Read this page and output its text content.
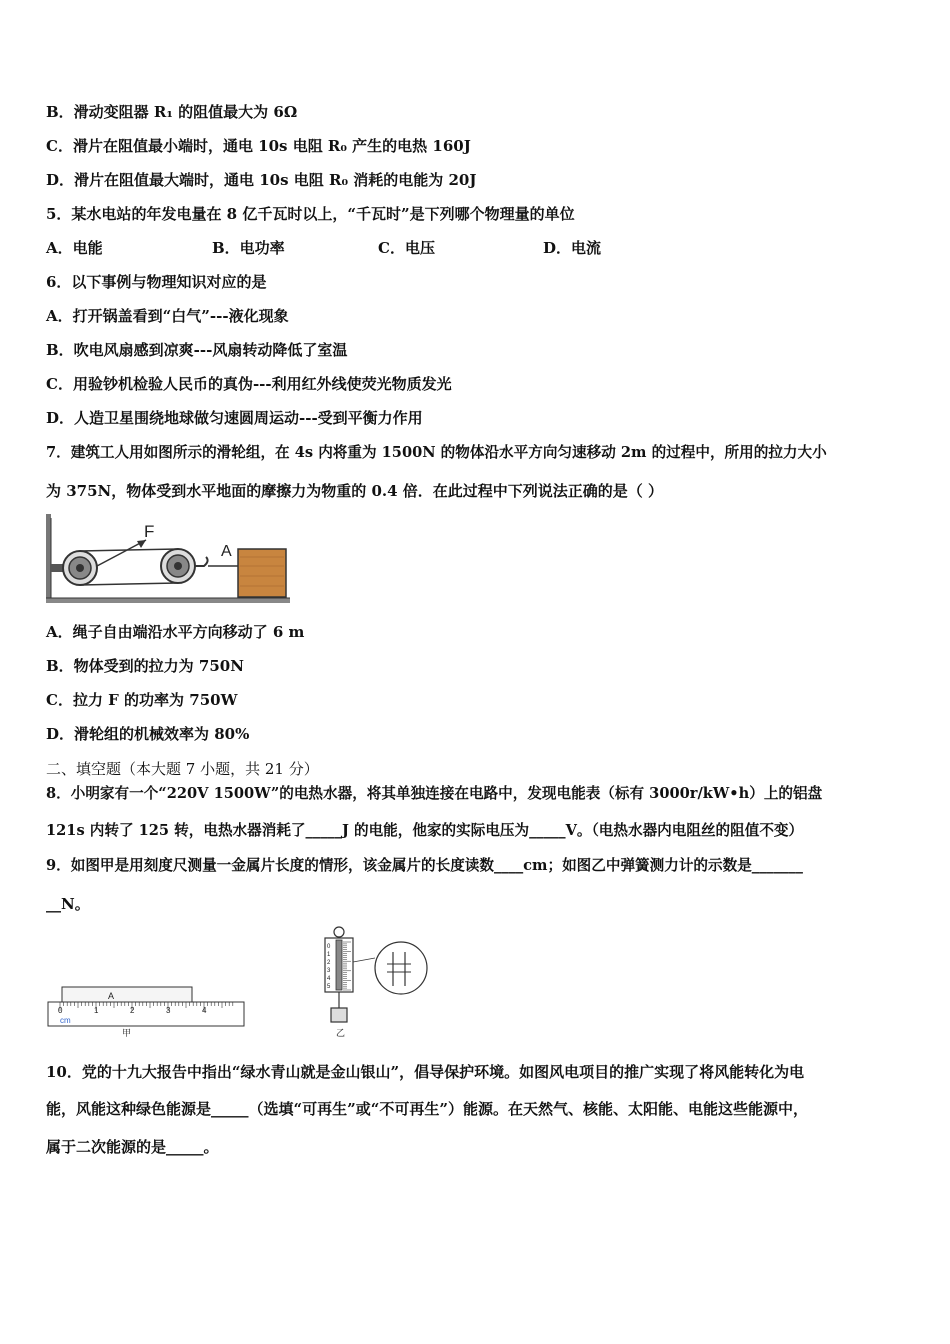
B．滑动变阻器 R₁ 的阻值最大为 6Ω
C．滑片在阻值最小端时，通电 10s 电阻 R₀ 产生的电热 160J
D．滑片在阻值最大端时，通电 10s 电阻 R₀ 消耗的电能为 20J
5．某水电站的年发电量在 8 亿千瓦时以上，“千瓦时”是下列哪个物理量的单位
A．电能	B．电功率	C．电压	D．电流
6．以下事例与物理知识对应的是
A．打开锅盖看到“白气”---液化现象
B．吹电风扇感到凉爽---风扇转动降低了室温
C．用验钞机检验人民币的真伪---利用红外线使荧光物质发光
D．人造卫星围绕地球做匀速圆周运动---受到平衡力作用
7．建筑工人用如图所示的滑轮组，在 4s 内将重为 1500N 的物体沿水平方向匀速移动 2m 的过程中，所用的拉力大小
为 375N，物体受到水平地面的摩擦力为物重的 0.4 倍．在此过程中下列说法正确的是（ ）
F
A
A．绳子自由端沿水平方向移动了 6 m
B．物体受到的拉力为 750N
C．拉力 F 的功率为 750W
D．滑轮组的机械效率为 80%
二、填空题（本大题 7 小题，共 21 分）
8．小明家有一个“220V 1500W”的电热水器，将其单独连接在电路中，发现电能表（标有 3000r/kW•h）上的铝盘
121s 内转了 125 转，电热水器消耗了_____J 的电能，他家的实际电压为_____V。（电热水器内电阻丝的阻值不变）
9．如图甲是用刻度尺测量一金属片长度的情形，该金属片的长度读数____cm；如图乙中弹簧测力计的示数是_______
__N。
A
0	1	2	3	4
cm
甲
0
1
2
3
4
5
乙
10．党的十九大报告中指出“绿水青山就是金山银山”，倡导保护环境。如图风电项目的推广实现了将风能转化为电
能，风能这种绿色能源是_____（选填“可再生”或“不可再生”）能源。在天然气、核能、太阳能、电能这些能源中，
属于二次能源的是_____。
